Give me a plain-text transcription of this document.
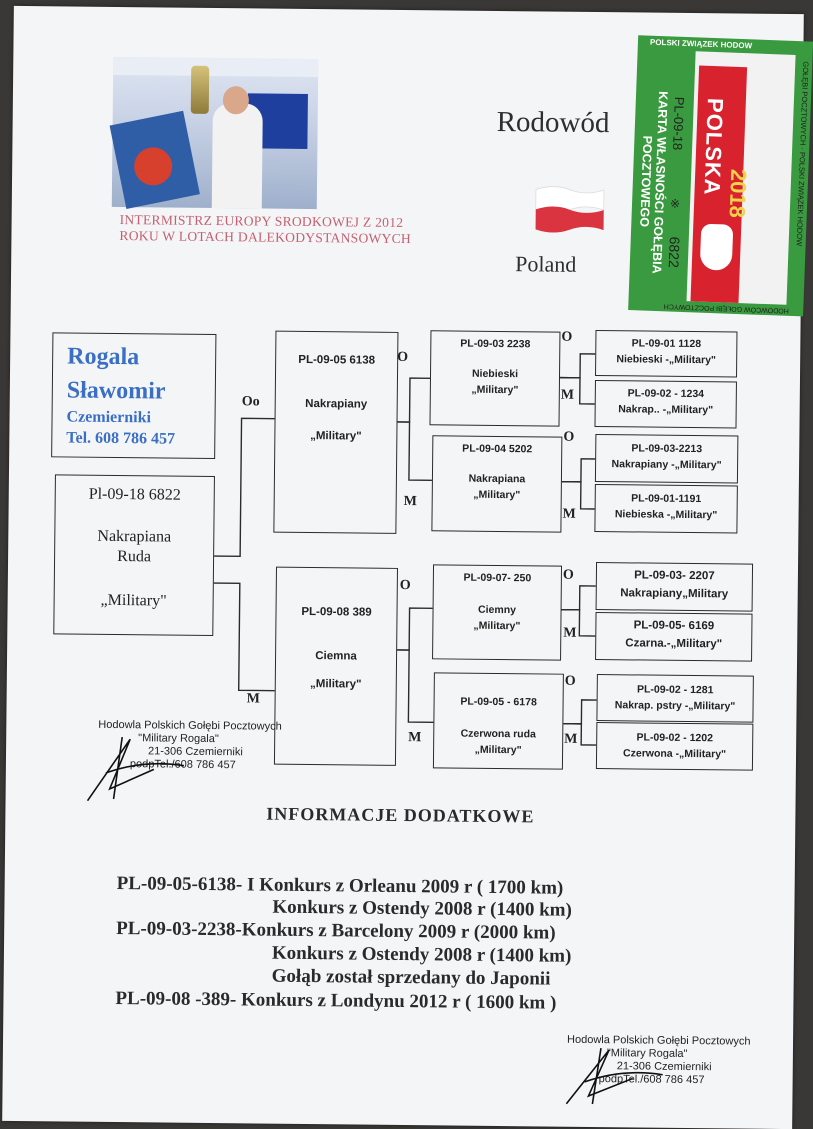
INTERMISTRZ EUROPY SRODKOWEJ Z 2012
ROKU W LOTACH DALEKODYSTANSOWYCH
Rodowód
Poland
POLSKI ZWIĄZEK HODOW
KARTA WŁASNOŚCI GOŁĘBIA POCZTOWEGO	GOŁĘBI POCZTOWYCH · POLSKI ZWIĄZEK HODOW
HODOWCÓW GOŁĘBI POCZTOWYCH
POLSKA
2018
PL-09-18
※
6822
Rogala
Sławomir
Czemierniki
Tel. 608 786 457
Pl-09-18 6822
Nakrapiana
Ruda
„Military"
PL-09-05 6138
Nakrapiany
„Military"
PL-09-08 389
Ciemna
„Military"
PL-09-03 2238
Niebieski
„Military"
PL-09-04 5202
Nakrapiana
„Military"
PL-09-07- 250
Ciemny
„Military"
PL-09-05 - 6178
Czerwona ruda
„Military"
PL-09-01 1128
Niebieski -„Military"
PL-09-02 - 1234
Nakrap.. -„Military"
PL-09-03-2213
Nakrapiany -„Military"
PL-09-01-1191
Niebieska -„Military"
PL-09-03- 2207
Nakrapiany„Military
PL-09-05- 6169
Czarna.-„Military"
PL-09-02 - 1281
Nakrap. pstry -„Military"
PL-09-02 - 1202
Czerwona -„Military"
Oo
M
O
M
O
M
O
M
O
M
O
M
O
M
Hodowla Polskich Gołębi Pocztowych
"Military Rogala"
21-306 Czemierniki
podpTel./608 786 457
INFORMACJE DODATKOWE
PL-09-05-6138- I Konkurs z Orleanu 2009 r ( 1700 km)
Konkurs z Ostendy 2008 r (1400 km)
PL-09-03-2238-Konkurs z Barcelony 2009 r (2000 km)
Konkurs z Ostendy 2008 r (1400 km)
Gołąb został sprzedany do Japonii
PL-09-08 -389- Konkurs z Londynu 2012 r ( 1600 km )
Hodowla Polskich Gołębi Pocztowych
"Military Rogala"
21-306 Czemierniki
podpTel./608 786 457
